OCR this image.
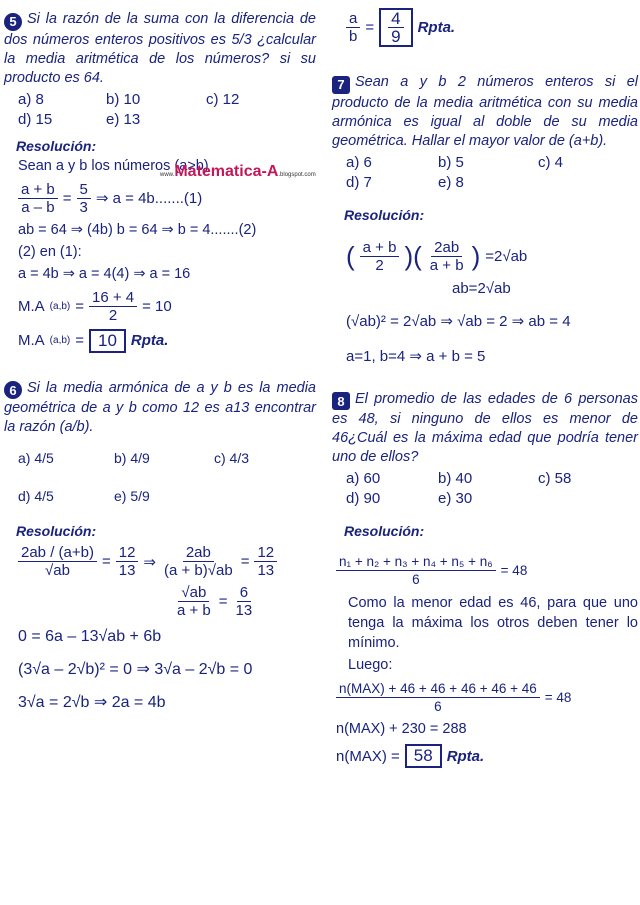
5 Si la razón de la suma con la diferencia de dos números enteros positivos es 5/3 ¿calcular la media aritmética de los números? si su producto es 64.

a) 8	b) 10	c) 12
d) 15	e) 13
Resolución:
Sean a y b los números (a>b)
$\frac{a + b}{a - b} = \frac{5}{3}$ ⇒ a = 4b.......(1)
ab = 64 ⇒ (4b) b = 64 ⇒ b = 4.......(2)
(2) en (1):
a = 4b ⇒ a = 4(4) ⇒ a = 16
M.A $(a,b) = \frac{16 + 4}{2} = 10$
M.A (a,b) = 10 Rpta.

6 Si la media armónica de a y b es la media geométrica de a y b como 12 es a13 encontrar la razón (a/b).

a) 4/5	b) 4/9	c) 4/3
d) 4/5	e) 5/9
Resolución:
$\frac{2ab / (a+b)}{√ab} = \frac{12}{13}$ ⇒ $\frac{2ab}{(a + b)√ab} = \frac{12}{13}$
$\frac{√ab}{a + b} = \frac{6}{13}$
0 = 6a – 13√ab + 6b
(3√a – 2√b)² = 0 ⇒ 3√a – 2√b = 0
3√a = 2√b ⇒ 2a = 4b
www.Matematica-A.blogspot.com
$\frac{a}{b} = \frac{4}{9}$ Rpta.

7 Sean a y b 2 números enteros si el producto de la media aritmética con su media armónica es igual al doble de su media geométrica. Hallar el mayor valor de (a+b).

a) 6	b) 5	c) 4
d) 7	e) 8
Resolución:
( $\frac{a + b}{2}$ )( $\frac{2ab}{a + b}$ ) =2√ab
ab=2√ab
(√ab)² = 2√ab ⇒ √ab = 2 ⇒ ab = 4
a=1, b=4 ⇒ a + b = 5

8 El promedio de las edades de 6 personas es 48, si ninguno de ellos es menor de 46¿Cuál es la máxima edad que podría tener uno de ellos?

a) 60	b) 40	c) 58
d) 90	e) 30
Resolución:
$\frac{\text{n₁ + n₂ + n₃ + n₄ + n₅ + n₆}}{6} = 48$

Como la menor edad es 46, para que uno tenga la máxima los otros deben tener lo mínimo.

Luego:
$\frac{\text{n(MAX) + 46 + 46 + 46 + 46 + 46}}{6} = 48$
n(MAX) + 230 = 288
n(MAX) = 58 Rpta.
